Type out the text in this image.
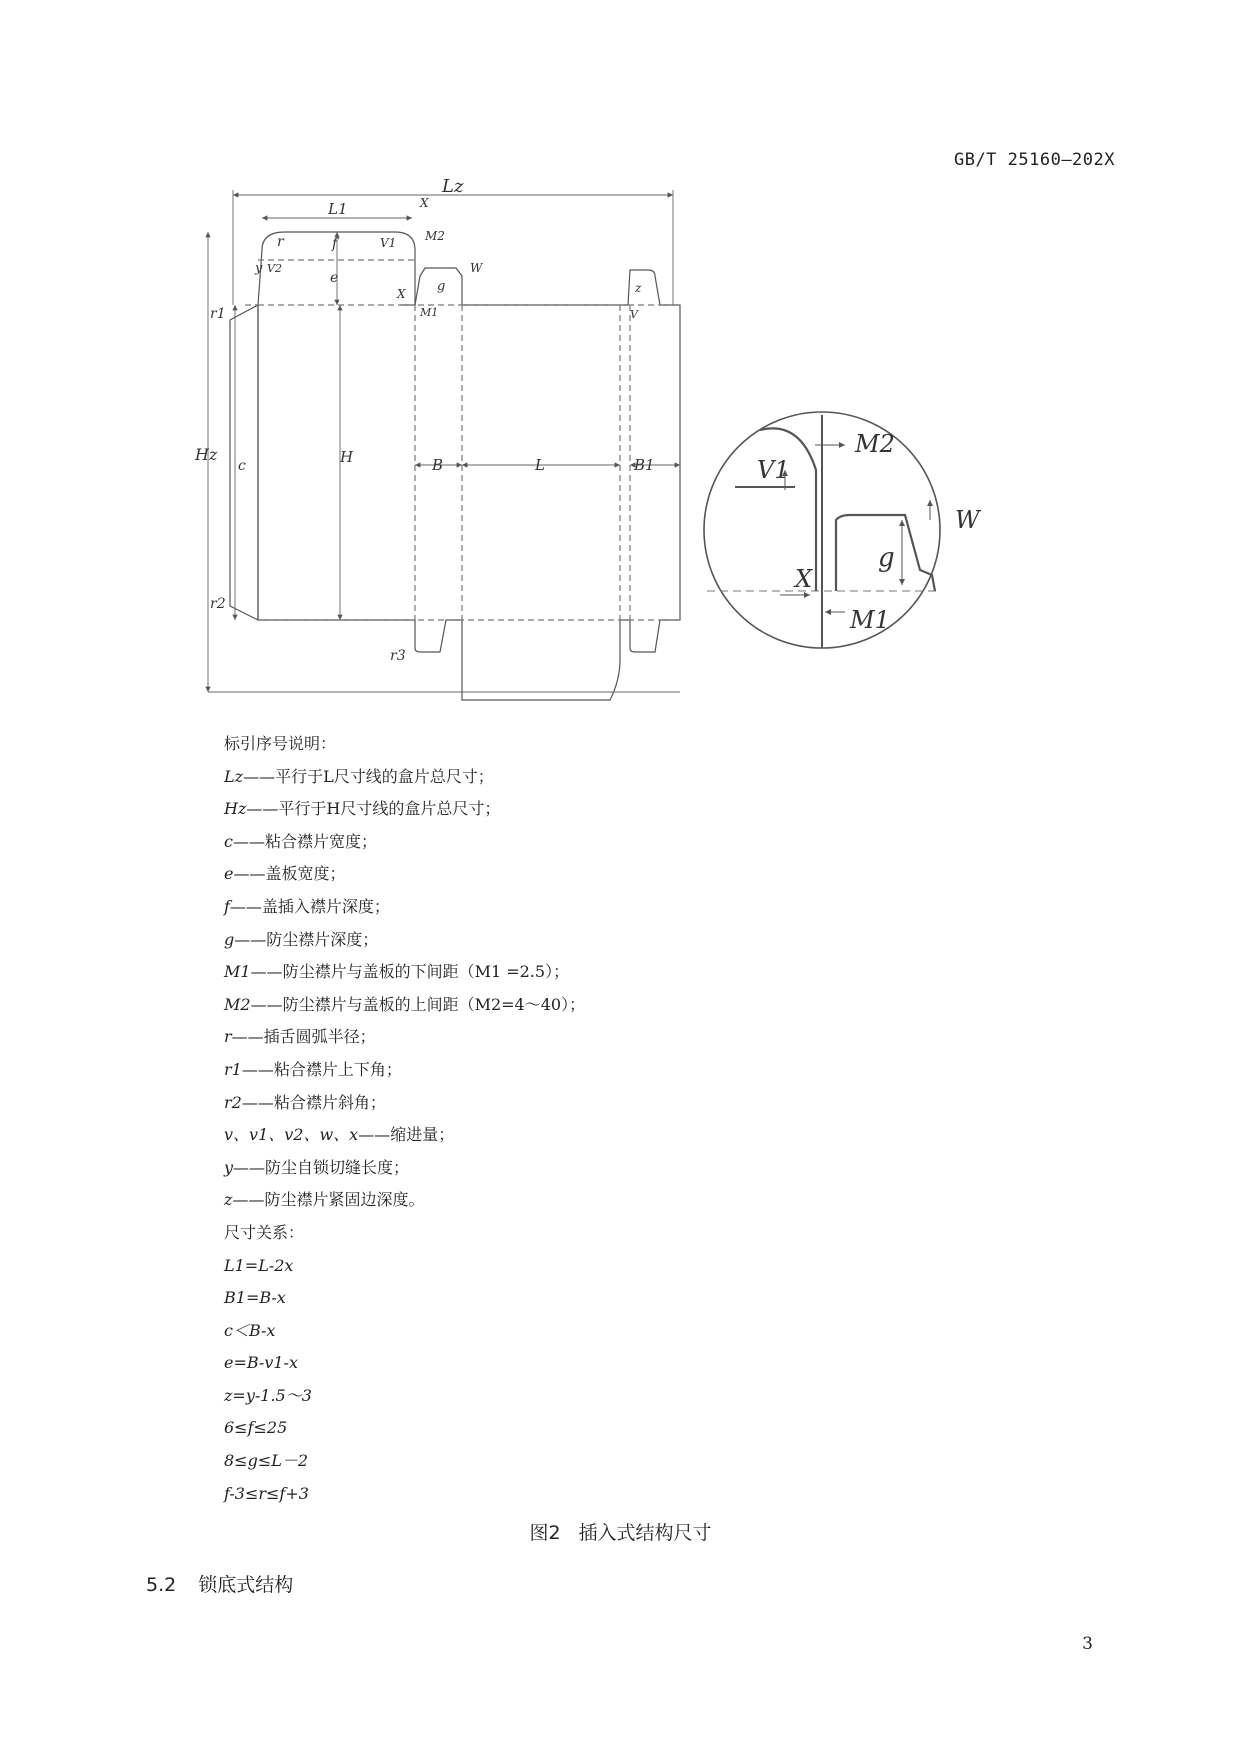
GB/T 25160—202X
Lz
L1	X
M2
V1
r	f
e
y V2	W
g
X
M1
z
V
r1
Hz
c	H	B	L	B1
r2
r3
V1
M2
W
g
X
M1
标引序号说明：
Lz——平行于L尺寸线的盒片总尺寸；
Hz——平行于H尺寸线的盒片总尺寸；
c——粘合襟片宽度；
e——盖板宽度；
f——盖插入襟片深度；
g——防尘襟片深度；
M1——防尘襟片与盖板的下间距（M1 =2.5）；
M2——防尘襟片与盖板的上间距（M2=4～40）；
r——插舌圆弧半径；
r1——粘合襟片上下角；
r2——粘合襟片斜角；
v、v1、v2、w、x——缩进量；
y——防尘自锁切缝长度；
z——防尘襟片紧固边深度。
尺寸关系：
L1=L-2x
B1=B-x
c＜B-x
e=B-v1-x
z=y-1.5～3
6≤f≤25
8≤g≤L－2
f-3≤r≤f+3
图2 插入式结构尺寸
5.2 锁底式结构
3
